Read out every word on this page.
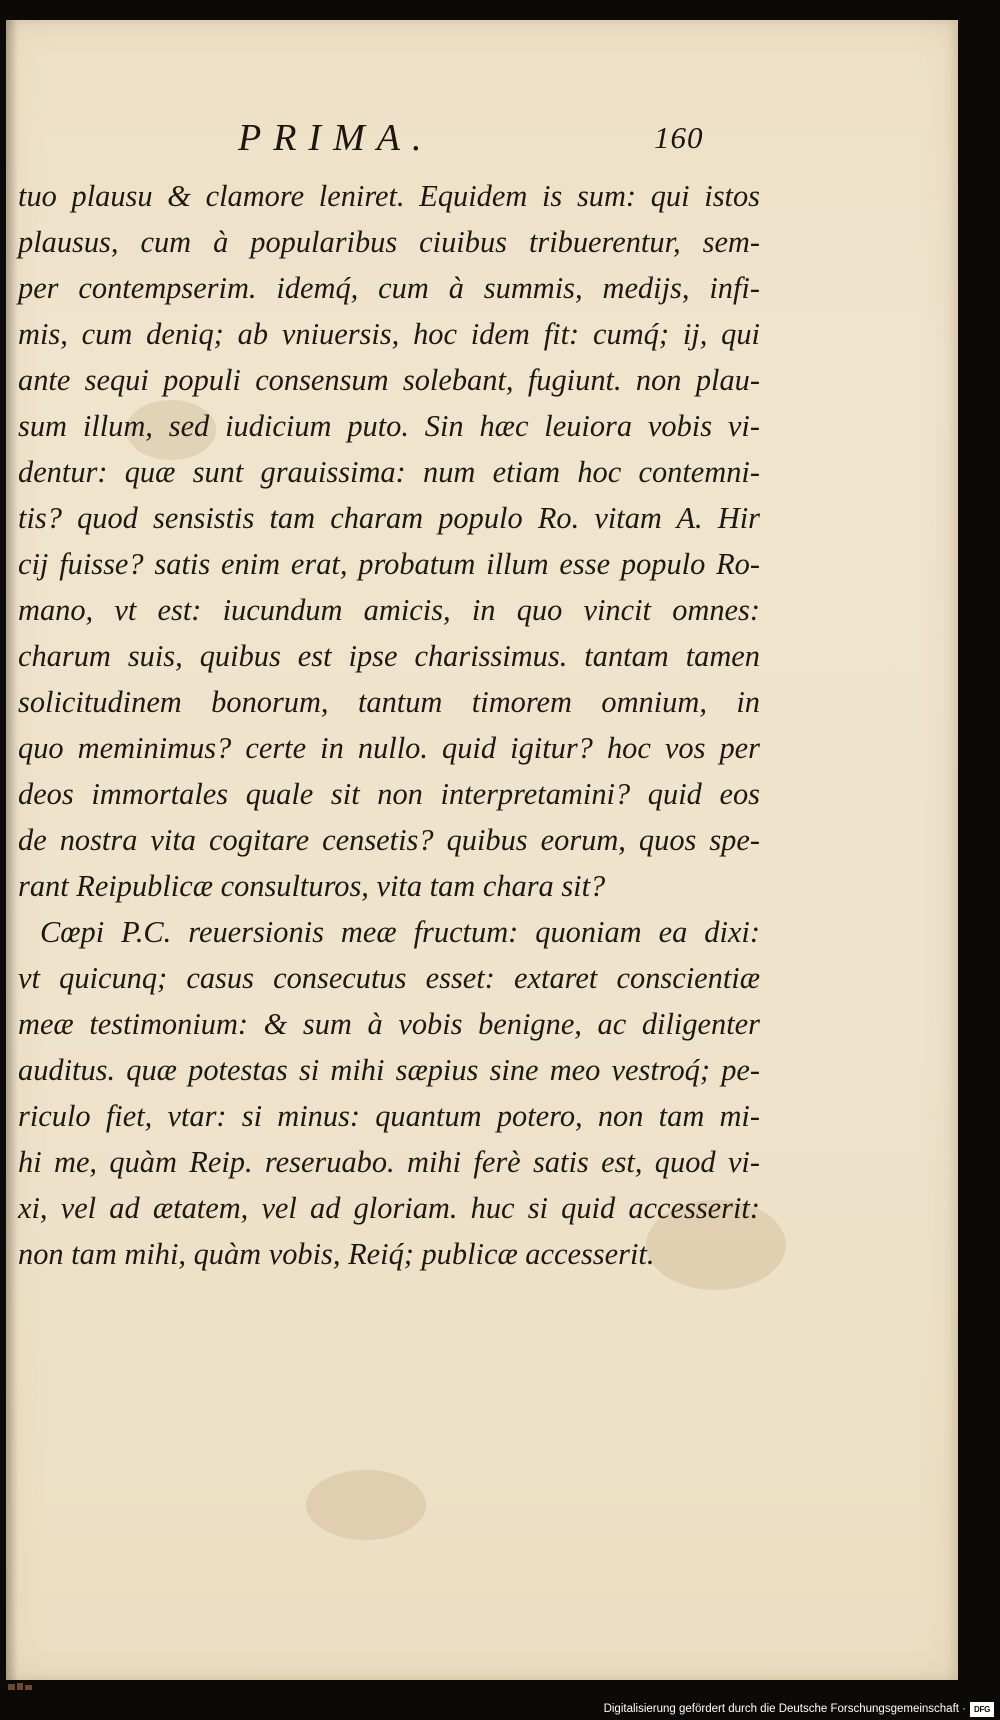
PRIMA.	160
tuo plausu & clamore leniret. Equidem is sum: qui istos
plausus, cum à popularibus ciuibus tribuerentur, sem-
per contempserim. idemq́, cum à summis, medijs, infi-
mis, cum deniq; ab vniuersis, hoc idem fit: cumq́; ij, qui
ante sequi populi consensum solebant, fugiunt. non plau-
sum illum, sed iudicium puto. Sin hæc leuiora vobis vi-
dentur: quæ sunt grauissima: num etiam hoc contemni-
tis? quod sensistis tam charam populo Ro. vitam A. Hir
cij fuisse? satis enim erat, probatum illum esse populo Ro-
mano, vt est: iucundum amicis, in quo vincit omnes:
charum suis, quibus est ipse charissimus. tantam tamen
solicitudinem bonorum, tantum timorem omnium, in
quo meminimus? certe in nullo. quid igitur? hoc vos per
deos immortales quale sit non interpretamini? quid eos
de nostra vita cogitare censetis? quibus eorum, quos spe-
rant Reipublicæ consulturos, vita tam chara sit?
Cœpi P.C. reuersionis meæ fructum: quoniam ea dixi:
vt quicunq; casus consecutus esset: extaret conscientiæ
meæ testimonium: & sum à vobis benigne, ac diligenter
auditus. quæ potestas si mihi sæpius sine meo vestroq́; pe-
riculo fiet, vtar: si minus: quantum potero, non tam mi-
hi me, quàm Reip. reseruabo. mihi ferè satis est, quod vi-
xi, vel ad ætatem, vel ad gloriam. huc si quid accesserit:
non tam mihi, quàm vobis, Reiq́; publicæ accesserit.
Digitalisierung gefördert durch die Deutsche Forschungsgemeinschaft · DFG
